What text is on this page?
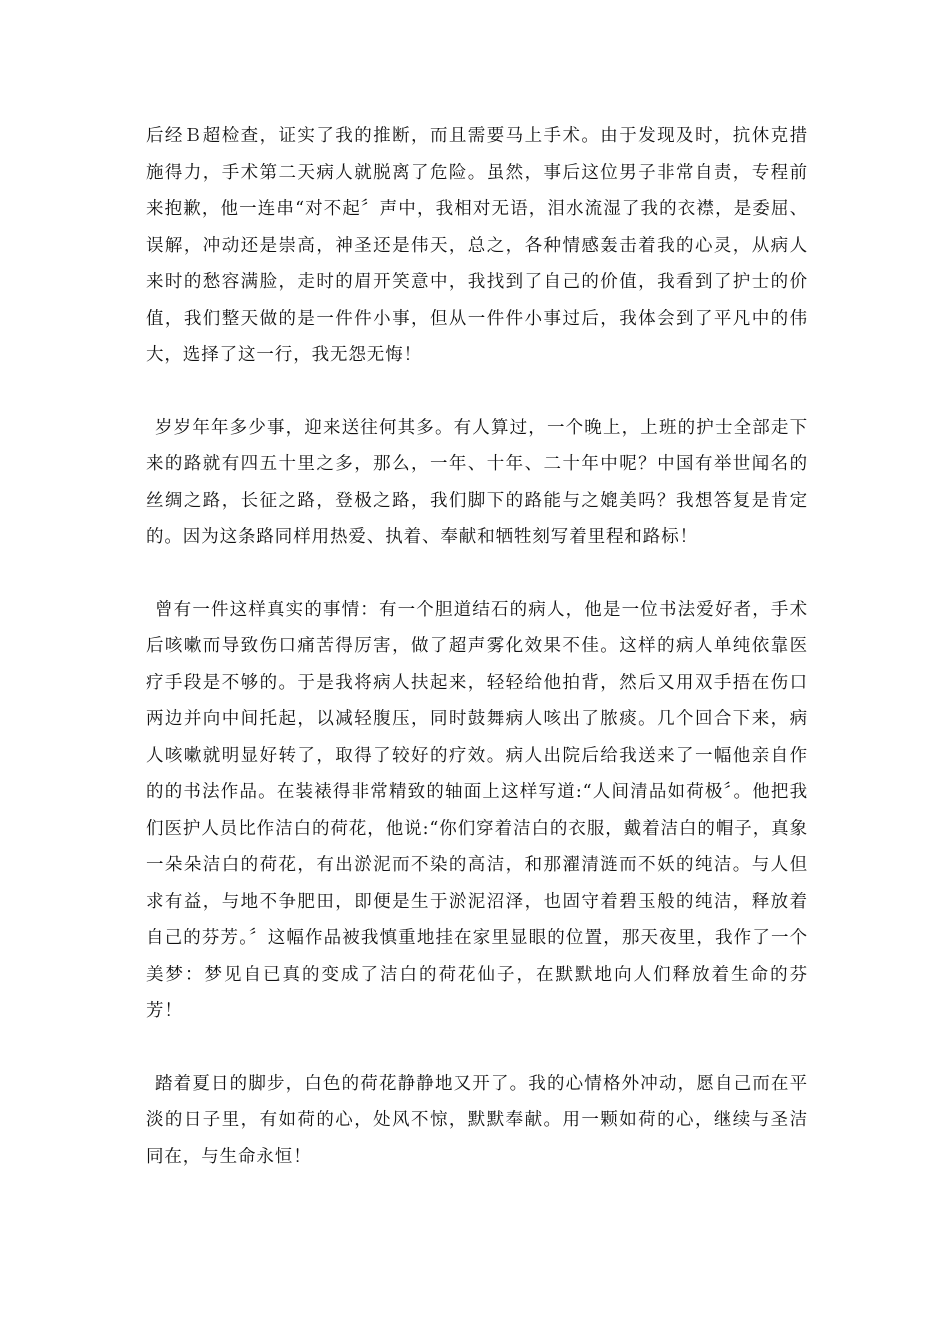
后经Ｂ超检查，证实了我的推断，而且需要马上手术。由于发现及时，抗休克措施得力，手术第二天病人就脱离了危险。虽然，事后这位男子非常自责，专程前来抱歉，他一连串“对不起〞声中，我相对无语，泪水流湿了我的衣襟，是委屈、误解，冲动还是崇高，神圣还是伟天，总之，各种情感轰击着我的心灵，从病人来时的愁容满脸，走时的眉开笑意中，我找到了自己的价值，我看到了护士的价值，我们整天做的是一件件小事，但从一件件小事过后，我体会到了平凡中的伟大，选择了这一行，我无怨无悔！

岁岁年年多少事，迎来送往何其多。有人算过，一个晚上，上班的护士全部走下来的路就有四五十里之多，那么，一年、十年、二十年中呢？中国有举世闻名的丝绸之路，长征之路，登极之路，我们脚下的路能与之媲美吗？我想答复是肯定的。因为这条路同样用热爱、执着、奉献和牺牲刻写着里程和路标！

曾有一件这样真实的事情：有一个胆道结石的病人，他是一位书法爱好者，手术后咳嗽而导致伤口痛苦得厉害，做了超声雾化效果不佳。这样的病人单纯依靠医疗手段是不够的。于是我将病人扶起来，轻轻给他拍背，然后又用双手捂在伤口两边并向中间托起，以减轻腹压，同时鼓舞病人咳出了脓痰。几个回合下来，病人咳嗽就明显好转了，取得了较好的疗效。病人出院后给我送来了一幅他亲自作的的书法作品。在装裱得非常精致的轴面上这样写道:“人间清品如荷极〞。他把我们医护人员比作洁白的荷花，他说:“你们穿着洁白的衣服，戴着洁白的帽子，真象一朵朵洁白的荷花，有出淤泥而不染的高洁，和那濯清涟而不妖的纯洁。与人但求有益，与地不争肥田，即便是生于淤泥沼泽，也固守着碧玉般的纯洁，释放着自己的芬芳。〞这幅作品被我慎重地挂在家里显眼的位置，那天夜里，我作了一个美梦：梦见自已真的变成了洁白的荷花仙子，在默默地向人们释放着生命的芬芳！

踏着夏日的脚步，白色的荷花静静地又开了。我的心情格外冲动，愿自己而在平淡的日子里，有如荷的心，处风不惊，默默奉献。用一颗如荷的心，继续与圣洁同在，与生命永恒！
